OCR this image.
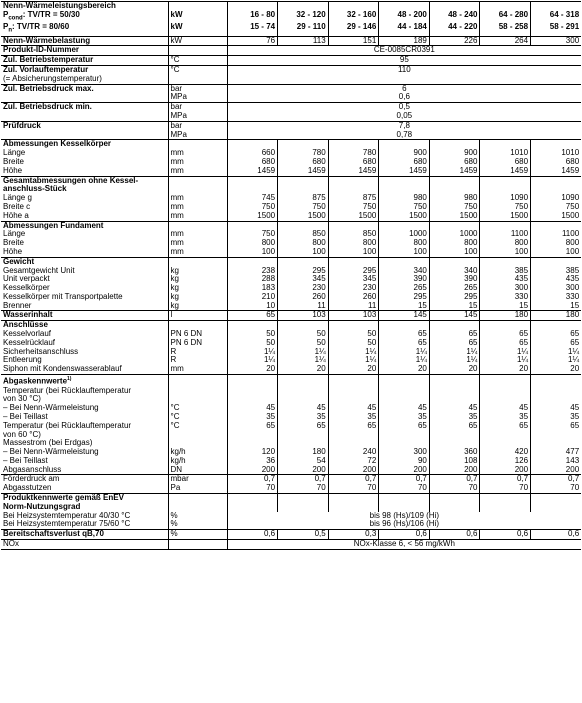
Nenn-Wärmeleistungsbereich								
$P_{cond}$: TV/TR = 50/30	kW	16 - 80	32 - 120	32 - 160	48 - 200	48 - 240	64 - 280	64 - 318
$P_n$: TV/TR = 80/60	kW	15 - 74	29 - 110	29 - 146	44 - 184	44 - 220	58 - 258	58 - 291
Nenn-Wärmebelastung	kW	76	113	151	189	226	264	300
Produkt-ID-Nummer		CE-0085CR0391						
Zul. Betriebstemperatur	°C	95						
Zul. Vorlauftemperatur	°C	110						
(= Absicherungstemperatur)								
Zul. Betriebsdruck max.	bar	6						
	MPa	0,6						
Zul. Betriebsdruck min.	bar	0,5						
	MPa	0,05						
Prüfdruck	bar	7,8						
	MPa	0,78						
Abmessungen Kesselkörper								
Länge	mm	660	780	780	900	900	1010	1010
Breite	mm	680	680	680	680	680	680	680
Höhe	mm	1459	1459	1459	1459	1459	1459	1459
Gesamtabmessungen ohne Kessel-								
anschluss-Stück								
Länge g	mm	745	875	875	980	980	1090	1090
Breite c	mm	750	750	750	750	750	750	750
Höhe a	mm	1500	1500	1500	1500	1500	1500	1500
Abmessungen Fundament								
Länge	mm	750	850	850	1000	1000	1100	1100
Breite	mm	800	800	800	800	800	800	800
Höhe	mm	100	100	100	100	100	100	100
Gewicht								
Gesamtgewicht Unit	kg	238	295	295	340	340	385	385
Unit verpackt	kg	288	345	345	390	390	435	435
Kesselkörper	kg	183	230	230	265	265	300	300
Kesselkörper mit Transportpalette	kg	210	260	260	295	295	330	330
Brenner	kg	10	11	11	15	15	15	15
Wasserinhalt	l	65	103	103	145	145	180	180
Anschlüsse								
Kesselvorlauf	PN 6 DN	50	50	50	65	65	65	65
Kesselrücklauf	PN 6 DN	50	50	50	65	65	65	65
Sicherheitsanschluss	R	1¼	1¼	1¼	1¼	1¼	1¼	1¼
Entleerung	R	1¼	1¼	1¼	1¼	1¼	1¼	1¼
Siphon mit Kondenswasserablauf	mm	20	20	20	20	20	20	20
Abgaskennwerte$^{1)}$								
Temperatur (bei Rücklauftemperatur								
von 30 °C)								
– Bei Nenn-Wärmeleistung	°C	45	45	45	45	45	45	45
– Bei Teillast	°C	35	35	35	35	35	35	35
Temperatur (bei Rücklauftemperatur	°C	65	65	65	65	65	65	65
von 60 °C)								
Massestrom (bei Erdgas)								
– Bei Nenn-Wärmeleistung	kg/h	120	180	240	300	360	420	477
– Bei Teillast	kg/h	36	54	72	90	108	126	143
Abgasanschluss	DN	200	200	200	200	200	200	200
Förderdruck am	mbar	0,7	0,7	0,7	0,7	0,7	0,7	0,7
Abgasstutzen	Pa	70	70	70	70	70	70	70
Produktkennwerte gemäß EnEV								
Norm-Nutzungsgrad								
Bei Heizsystemtemperatur 40/30 °C	%	bis 98 (Hs)/109 (Hi)						
Bei Heizsystemtemperatur 75/60 °C	%	bis 96 (Hs)/106 (Hi)						
Bereitschaftsverlust qB,70	%	0,6	0,5	0,3	0,6	0,6	0,6	0,6
NOx		NOx-Klasse 6, < 56 mg/kWh						
